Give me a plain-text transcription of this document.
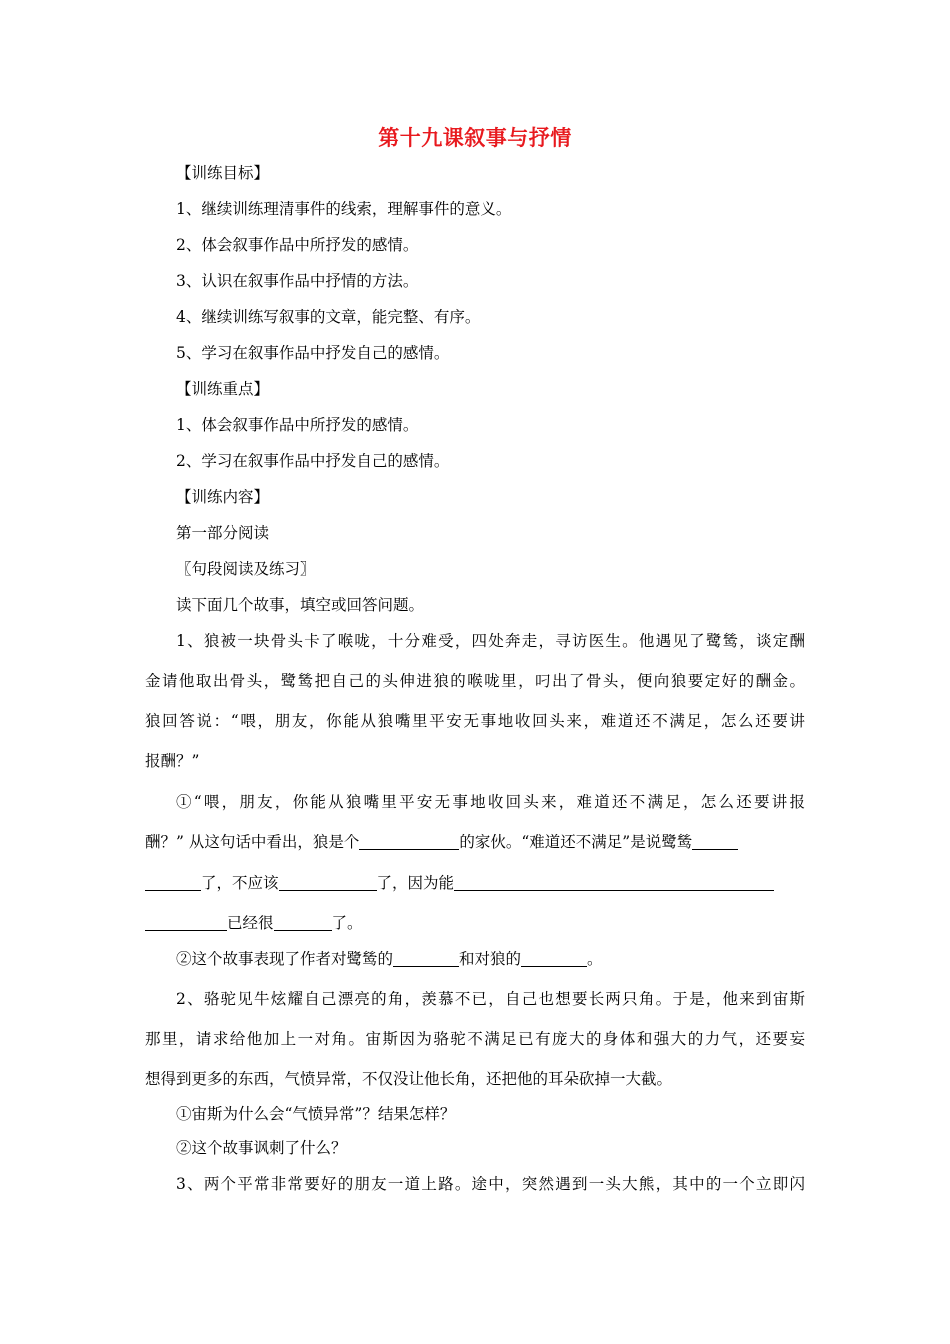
第十九课叙事与抒情
【训练目标】
1、继续训练理清事件的线索，理解事件的意义。
2、体会叙事作品中所抒发的感情。
3、认识在叙事作品中抒情的方法。
4、继续训练写叙事的文章，能完整、有序。
5、学习在叙事作品中抒发自己的感情。
【训练重点】
1、体会叙事作品中所抒发的感情。
2、学习在叙事作品中抒发自己的感情。
【训练内容】
第一部分阅读
〖句段阅读及练习〗
读下面几个故事，填空或回答问题。
1、狼被一块骨头卡了喉咙，十分难受，四处奔走，寻访医生。他遇见了鹭鸶，谈定酬
金请他取出骨头，鹭鸶把自己的头伸进狼的喉咙里，叼出了骨头，便向狼要定好的酬金。
狼回答说：“喂，朋友，你能从狼嘴里平安无事地收回头来，难道还不满足，怎么还要讲
报酬？”
①“喂，朋友，你能从狼嘴里平安无事地收回头来，难道还不满足，怎么还要讲报
酬？” 从这句话中看出，狼是个	的家伙。“难道还不满足”是说鹭鸶
了，不应该	了，因为能
已经很	了。
②这个故事表现了作者对鹭鸶的	和对狼的	。
2、骆驼见牛炫耀自己漂亮的角，羡慕不已，自己也想要长两只角。于是，他来到宙斯
那里，请求给他加上一对角。宙斯因为骆驼不满足已有庞大的身体和强大的力气，还要妄
想得到更多的东西，气愤异常，不仅没让他长角，还把他的耳朵砍掉一大截。
①宙斯为什么会“气愤异常”？结果怎样？
②这个故事讽刺了什么？
3、两个平常非常要好的朋友一道上路。途中，突然遇到一头大熊，其中的一个立即闪
